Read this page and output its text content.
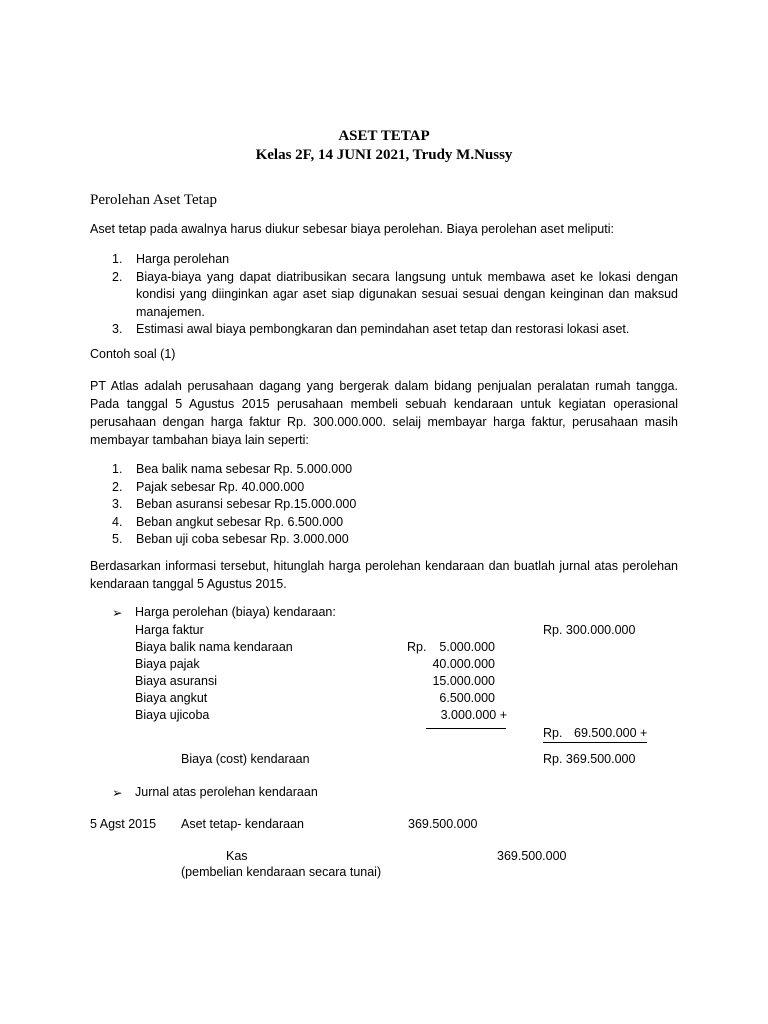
ASET TETAP
Kelas 2F, 14 JUNI 2021, Trudy M.Nussy
Perolehan Aset Tetap
Aset tetap pada awalnya harus diukur sebesar biaya perolehan. Biaya perolehan aset meliputi:
1. Harga perolehan
2. Biaya-biaya yang dapat diatribusikan secara langsung untuk membawa aset ke lokasi dengan
kondisi yang diinginkan agar aset siap digunakan sesuai sesuai dengan keinginan dan maksud
manajemen.
3. Estimasi awal biaya pembongkaran dan pemindahan aset tetap dan restorasi lokasi aset.
Contoh soal (1)
PT Atlas adalah perusahaan dagang yang bergerak dalam bidang penjualan peralatan rumah tangga.
Pada tanggal 5 Agustus 2015 perusahaan membeli sebuah kendaraan untuk kegiatan operasional
perusahaan dengan harga faktur Rp. 300.000.000. selaij membayar harga faktur, perusahaan masih
membayar tambahan biaya lain seperti:
1. Bea balik nama sebesar Rp. 5.000.000
2. Pajak sebesar Rp. 40.000.000
3. Beban asuransi sebesar Rp.15.000.000
4. Beban angkut sebesar Rp. 6.500.000
5. Beban uji coba sebesar Rp. 3.000.000
Berdasarkan informasi tersebut, hitunglah harga perolehan kendaraan dan buatlah jurnal atas perolehan
kendaraan tanggal 5 Agustus 2015.
➢ Harga perolehan (biaya) kendaraan:
Harga faktur	Rp. 300.000.000
Biaya balik nama kendaraan	Rp.	5.000.000
Biaya pajak	40.000.000
Biaya asuransi	15.000.000
Biaya angkut	6.500.000
Biaya ujicoba	3.000.000 +
Rp. 69.500.000 +
Biaya (cost) kendaraan	Rp. 369.500.000
➢ Jurnal atas perolehan kendaraan
5 Agst 2015 Aset tetap- kendaraan	369.500.000
Kas	369.500.000
(pembelian kendaraan secara tunai)
